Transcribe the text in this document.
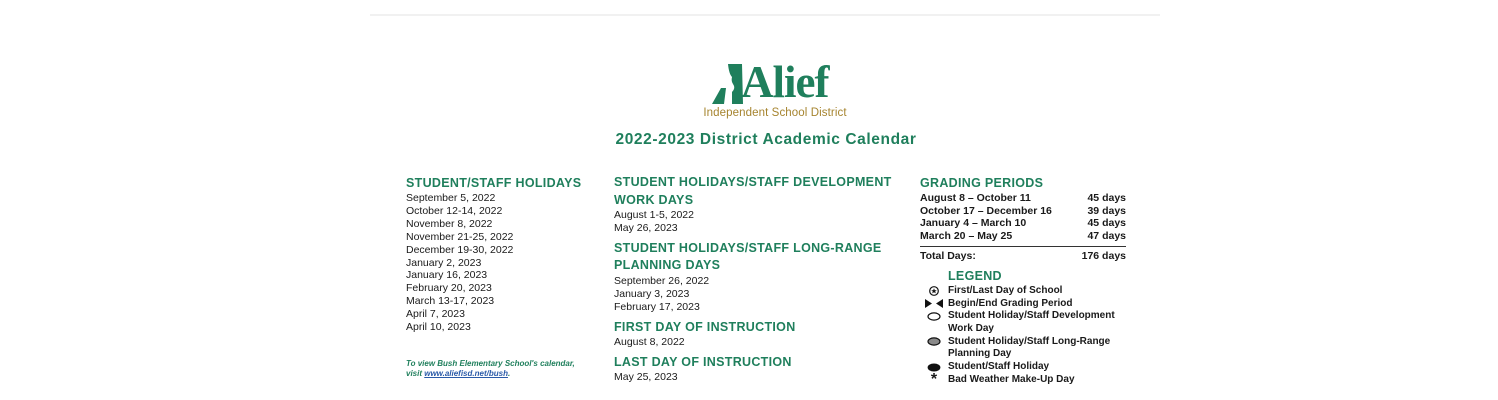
Alief
Independent School District
2022-2023 District Academic Calendar
STUDENT/STAFF HOLIDAYS
September 5, 2022
October 12-14, 2022
November 8, 2022
November 21-25, 2022
December 19-30, 2022
January 2, 2023
January 16, 2023
February 20, 2023
March 13-17, 2023
April 7, 2023
April 10, 2023
To view Bush Elementary School's calendar,
visit www.aliefisd.net/bush.
STUDENT HOLIDAYS/STAFF DEVELOPMENT
WORK DAYS
August 1-5, 2022
May 26, 2023
STUDENT HOLIDAYS/STAFF LONG-RANGE
PLANNING DAYS
September 26, 2022
January 3, 2023
February 17, 2023
FIRST DAY OF INSTRUCTION
August 8, 2022
LAST DAY OF INSTRUCTION
May 25, 2023
GRADING PERIODS
August 8 – October 11	45 days
October 17 – December 16	39 days
January 4 – March 10	45 days
March 20 – May 25	47 days
Total Days:	176 days
LEGEND
First/Last Day of School
Begin/End Grading Period
Student Holiday/Staff Development Work Day
Student Holiday/Staff Long-Range Planning Day
Student/Staff Holiday
* Bad Weather Make-Up Day
